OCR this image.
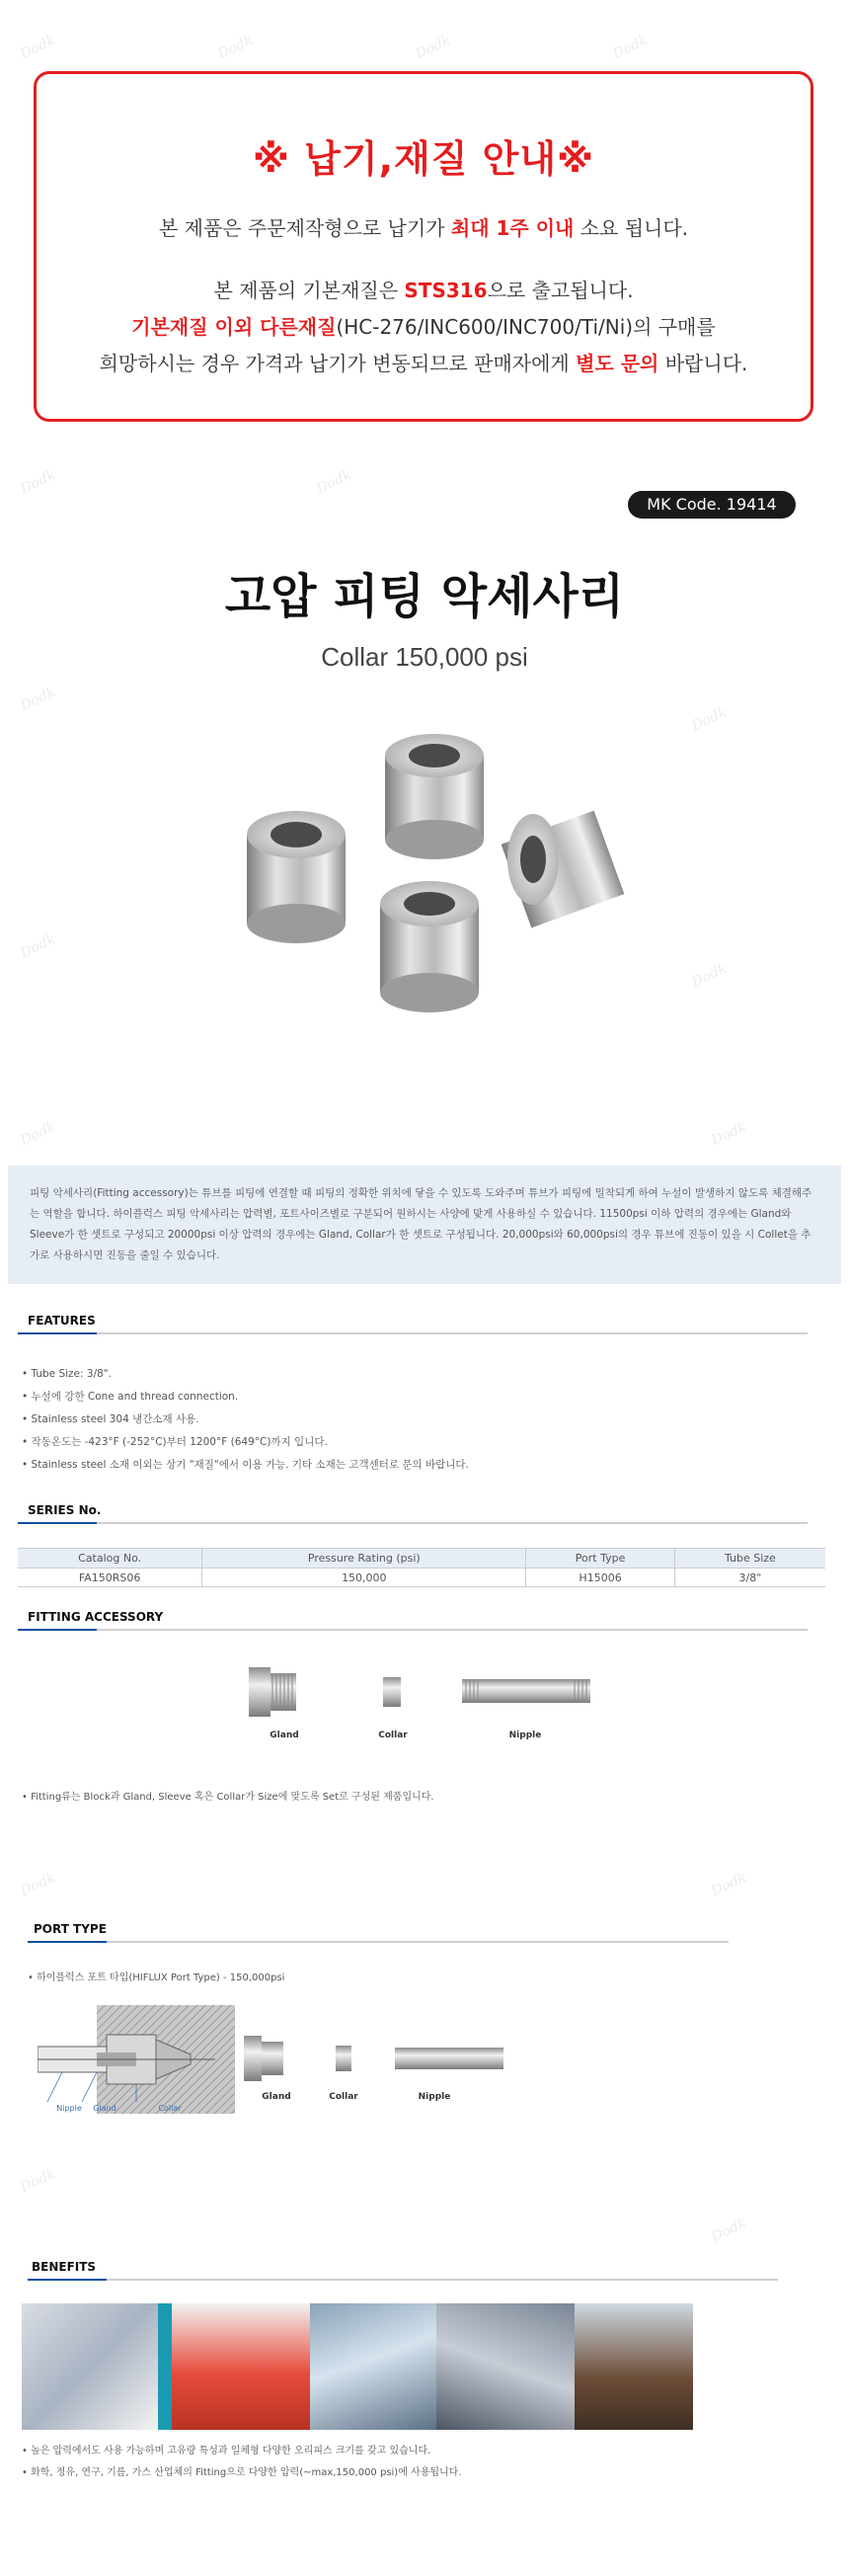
Dodk	Dodk	Dodk	Dodk
Dodk	Dodk
Dodk
Dodk
Dodk
Dodk
Dodk	Dodk
Dodk	Dodk
Dodk
Dodk
※ 납기,재질 안내※
본 제품은 주문제작형으로 납기가 최대 1주 이내 소요 됩니다.
본 제품의 기본재질은 STS316으로 출고됩니다.
기본재질 이외 다른재질(HC-276/INC600/INC700/Ti/Ni)의 구매를
희망하시는 경우 가격과 납기가 변동되므로 판매자에게 별도 문의 바랍니다.
MK Code. 19414
고압 피팅 악세사리
Collar 150,000 psi
피팅 악세사리(Fitting accessory)는 튜브를 피팅에 연결할 때 피팅의 정확한 위치에 닿을 수 있도록 도와주며 튜브가 피팅에 밀착되게 하여 누설이 발생하지 않도록 체결해주는 역할을 합니다. 하이플럭스 피팅 악세사리는 압력별, 포트사이즈별로 구분되어 원하시는 사양에 맞게 사용하실 수 있습니다. 11500psi 이하 압력의 경우에는 Gland와 Sleeve가 한 셋트로 구성되고 20000psi 이상 압력의 경우에는 Gland, Collar가 한 셋트로 구성됩니다. 20,000psi와 60,000psi의 경우 튜브에 진동이 있을 시 Collet을 추가로 사용하시면 진동을 줄일 수 있습니다.
FEATURES
• Tube Size: 3/8".
• 누설에 강한 Cone and thread connection.
• Stainless steel 304 냉간소재 사용.
• 작동온도는 -423°F (-252°C)부터 1200°F (649°C)까지 입니다.
• Stainless steel 소재 이외는 상기 "재질"에서 이용 가능. 기타 소재는 고객센터로 문의 바랍니다.
SERIES No.
Catalog No.	Pressure Rating (psi)	Port Type	Tube Size
FA150RS06	150,000	H15006	3/8"
FITTING ACCESSORY
Gland	Collar	Nipple
• Fitting류는 Block과 Gland, Sleeve 혹은 Collar가 Size에 맞도록 Set로 구성된 제품입니다.
PORT TYPE
• 하이플럭스 포트 타입(HIFLUX Port Type) - 150,000psi
Nipple	Gland	Collar
Gland	Collar	Nipple
BENEFITS
• 높은 압력에서도 사용 가능하며 고유량 특성과 일체형 다양한 오리피스 크기를 갖고 있습니다.
• 화학, 정유, 연구, 기름, 가스 산업체의 Fitting으로 다양한 압력(~max,150,000 psi)에 사용됩니다.
